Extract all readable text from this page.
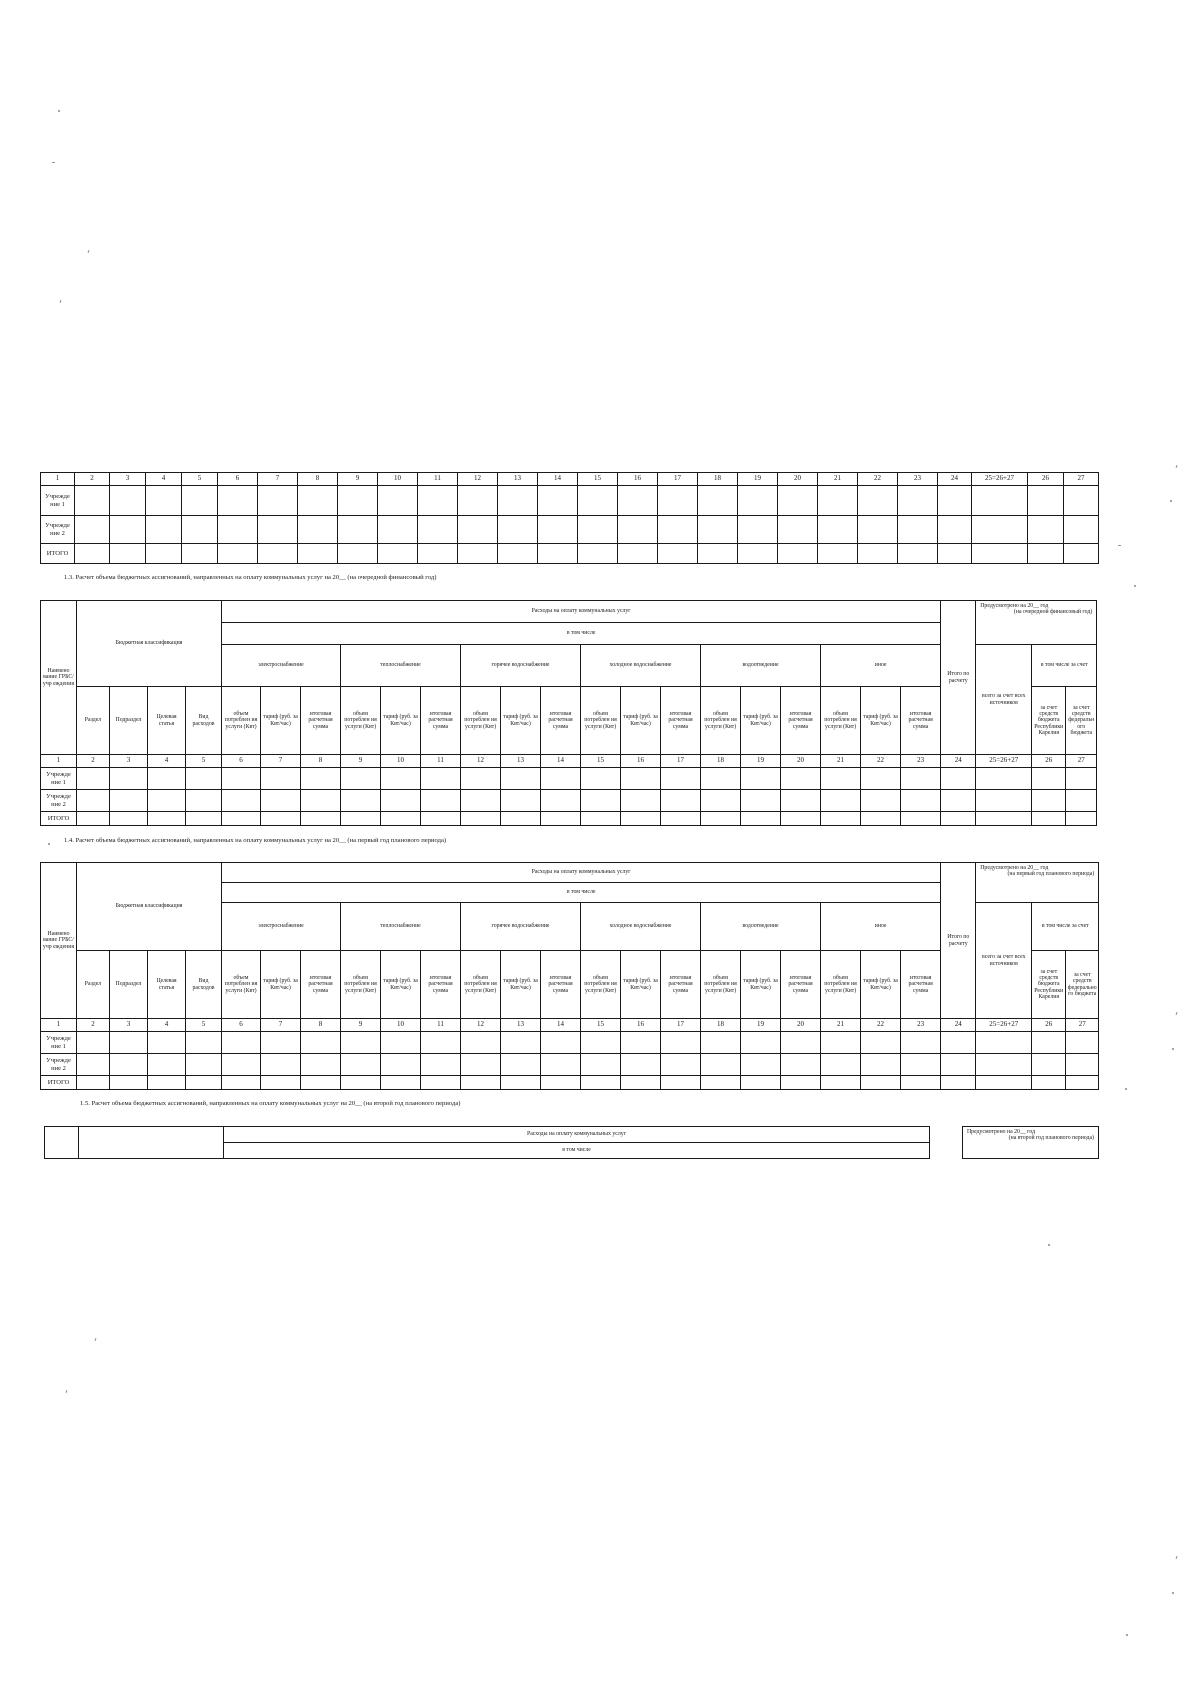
1	2	3	4	5	6	7	8	9	10	11	12	13	14	15	16	17	18	19	20	21	22	23	24	25=26+27	26	27
Учрежде ние 1																										
Учрежде ние 2																										
ИТОГО																										
1.3. Расчет объема бюджетных ассигнований, направленных на оплату коммунальных услуг на 20__ (на очередной финансовый год)
Наимено вание ГРБС/учр еждения	Бюджетная классификация				Расходы на оплату коммунальных услуг																		Итого по расчету	Предусмотрено на 20__ год
(на очередной финансовый год)		

					в том числе																					
					электроснабжение			теплоснабжение			горячее водоснабжение			холодное водоснабжение			водоотведение			иное				всего за счет всех источников	в том числе за счет	
	Раздел	Подраздел	Целевая статья	Вид расходов	объем потреблен ия услуги (Квт)	тариф (руб. за Квт/час)	итоговая расчетная сумма	объем потреблен ия услуги (Квт)	тариф (руб. за Квт/час)	итоговая расчетная сумма	объем потреблен ия услуги (Квт)	тариф (руб. за Квт/час)	итоговая расчетная сумма	объем потреблен ия услуги (Квт)	тариф (руб. за Квт/час)	итоговая расчетная сумма	объем потреблен ия услуги (Квт)	тариф (руб. за Квт/час)	итоговая расчетная сумма	объем потреблен ия услуги (Квт)	тариф (руб. за Квт/час)	итоговая расчетная сумма			за счет средств бюджета Республики Карелия	за счет средств федерального бюджета
1	2	3	4	5	6	7	8	9	10	11	12	13	14	15	16	17	18	19	20	21	22	23	24	25=26+27	26	27
Учрежде ние 1																										
Учрежде ние 2																										
ИТОГО																										
1.4. Расчет объема бюджетных ассигнований, направленных на оплату коммунальных услуг на 20__ (на первый год планового периода)
Наимено вание ГРБС/учр еждения	Бюджетная классификация				Расходы на оплату коммунальных услуг																		Итого по расчету	Предусмотрено на 20__ год
(на первый год планового периода)		

					в том числе																					
					электроснабжение			теплоснабжение			горячее водоснабжение			холодное водоснабжение			водоотведение			иное				всего за счет всех источников	в том числе за счет	
	Раздел	Подраздел	Целевая статья	Вид расходов	объем потреблен ия услуги (Квт)	тариф (руб. за Квт/час)	итоговая расчетная сумма	объем потреблен ия услуги (Квт)	тариф (руб. за Квт/час)	итоговая расчетная сумма	объем потреблен ия услуги (Квт)	тариф (руб. за Квт/час)	итоговая расчетная сумма	объем потреблен ия услуги (Квт)	тариф (руб. за Квт/час)	итоговая расчетная сумма	объем потреблен ия услуги (Квт)	тариф (руб. за Квт/час)	итоговая расчетная сумма	объем потреблен ия услуги (Квт)	тариф (руб. за Квт/час)	итоговая расчетная сумма			за счет средств бюджета Республики Карелия	за счет средств федерального бюджета
1	2	3	4	5	6	7	8	9	10	11	12	13	14	15	16	17	18	19	20	21	22	23	24	25=26+27	26	27
Учрежде ние 1																										
Учрежде ние 2																										
ИТОГО																										
1.5. Расчет объема бюджетных ассигнований, направленных на оплату коммунальных услуг на 20__ (на второй год планового периода)
		Расходы на оплату коммунальных услуг		Предусмотрено на 20__ год
(на второй год планового периода)

в том числе
